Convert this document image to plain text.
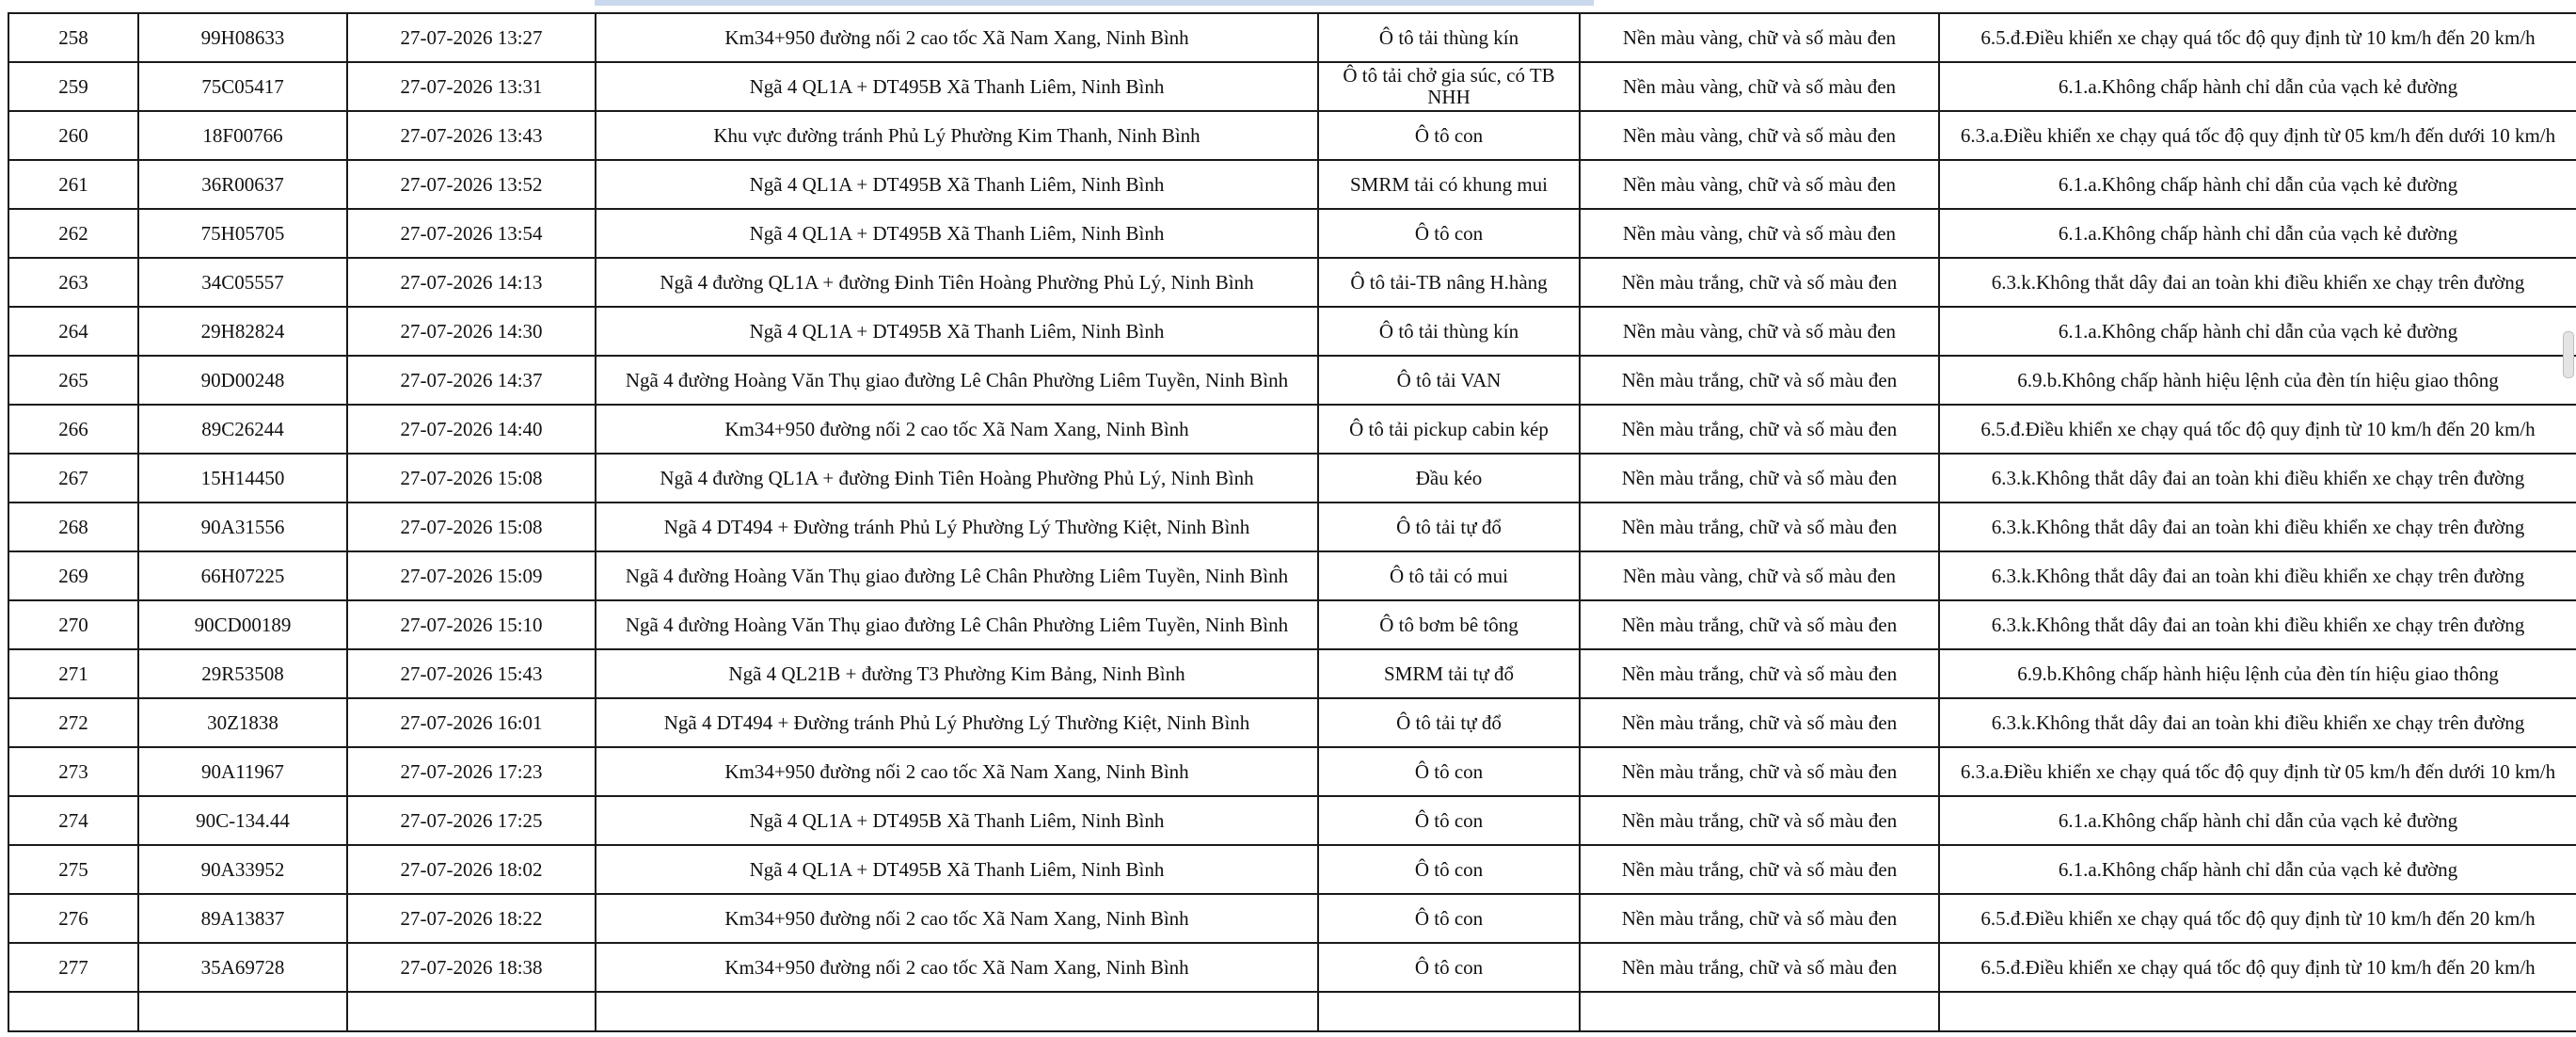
258	99H08633	27-07-2026 13:27	Km34+950 đường nối 2 cao tốc Xã Nam Xang, Ninh Bình	Ô tô tải thùng kín	Nền màu vàng, chữ và số màu đen	6.5.đ.Điều khiển xe chạy quá tốc độ quy định từ 10 km/h đến 20 km/h
259	75C05417	27-07-2026 13:31	Ngã 4 QL1A + DT495B Xã Thanh Liêm, Ninh Bình	Ô tô tải chở gia súc, có TB NHH	Nền màu vàng, chữ và số màu đen	6.1.a.Không chấp hành chỉ dẫn của vạch kẻ đường
260	18F00766	27-07-2026 13:43	Khu vực đường tránh Phủ Lý Phường Kim Thanh, Ninh Bình	Ô tô con	Nền màu vàng, chữ và số màu đen	6.3.a.Điều khiển xe chạy quá tốc độ quy định từ 05 km/h đến dưới 10 km/h
261	36R00637	27-07-2026 13:52	Ngã 4 QL1A + DT495B Xã Thanh Liêm, Ninh Bình	SMRM tải có khung mui	Nền màu vàng, chữ và số màu đen	6.1.a.Không chấp hành chỉ dẫn của vạch kẻ đường
262	75H05705	27-07-2026 13:54	Ngã 4 QL1A + DT495B Xã Thanh Liêm, Ninh Bình	Ô tô con	Nền màu vàng, chữ và số màu đen	6.1.a.Không chấp hành chỉ dẫn của vạch kẻ đường
263	34C05557	27-07-2026 14:13	Ngã 4 đường QL1A + đường Đinh Tiên Hoàng Phường Phủ Lý, Ninh Bình	Ô tô tải-TB nâng H.hàng	Nền màu trắng, chữ và số màu đen	6.3.k.Không thắt dây đai an toàn khi điều khiển xe chạy trên đường
264	29H82824	27-07-2026 14:30	Ngã 4 QL1A + DT495B Xã Thanh Liêm, Ninh Bình	Ô tô tải thùng kín	Nền màu vàng, chữ và số màu đen	6.1.a.Không chấp hành chỉ dẫn của vạch kẻ đường
265	90D00248	27-07-2026 14:37	Ngã 4 đường Hoàng Văn Thụ giao đường Lê Chân Phường Liêm Tuyền, Ninh Bình	Ô tô tải VAN	Nền màu trắng, chữ và số màu đen	6.9.b.Không chấp hành hiệu lệnh của đèn tín hiệu giao thông
266	89C26244	27-07-2026 14:40	Km34+950 đường nối 2 cao tốc Xã Nam Xang, Ninh Bình	Ô tô tải pickup cabin kép	Nền màu trắng, chữ và số màu đen	6.5.đ.Điều khiển xe chạy quá tốc độ quy định từ 10 km/h đến 20 km/h
267	15H14450	27-07-2026 15:08	Ngã 4 đường QL1A + đường Đinh Tiên Hoàng Phường Phủ Lý, Ninh Bình	Đầu kéo	Nền màu trắng, chữ và số màu đen	6.3.k.Không thắt dây đai an toàn khi điều khiển xe chạy trên đường
268	90A31556	27-07-2026 15:08	Ngã 4 DT494 + Đường tránh Phủ Lý Phường Lý Thường Kiệt, Ninh Bình	Ô tô tải tự đổ	Nền màu trắng, chữ và số màu đen	6.3.k.Không thắt dây đai an toàn khi điều khiển xe chạy trên đường
269	66H07225	27-07-2026 15:09	Ngã 4 đường Hoàng Văn Thụ giao đường Lê Chân Phường Liêm Tuyền, Ninh Bình	Ô tô tải có mui	Nền màu vàng, chữ và số màu đen	6.3.k.Không thắt dây đai an toàn khi điều khiển xe chạy trên đường
270	90CD00189	27-07-2026 15:10	Ngã 4 đường Hoàng Văn Thụ giao đường Lê Chân Phường Liêm Tuyền, Ninh Bình	Ô tô bơm bê tông	Nền màu trắng, chữ và số màu đen	6.3.k.Không thắt dây đai an toàn khi điều khiển xe chạy trên đường
271	29R53508	27-07-2026 15:43	Ngã 4 QL21B + đường T3 Phường Kim Bảng, Ninh Bình	SMRM tải tự đổ	Nền màu trắng, chữ và số màu đen	6.9.b.Không chấp hành hiệu lệnh của đèn tín hiệu giao thông
272	30Z1838	27-07-2026 16:01	Ngã 4 DT494 + Đường tránh Phủ Lý Phường Lý Thường Kiệt, Ninh Bình	Ô tô tải tự đổ	Nền màu trắng, chữ và số màu đen	6.3.k.Không thắt dây đai an toàn khi điều khiển xe chạy trên đường
273	90A11967	27-07-2026 17:23	Km34+950 đường nối 2 cao tốc Xã Nam Xang, Ninh Bình	Ô tô con	Nền màu trắng, chữ và số màu đen	6.3.a.Điều khiển xe chạy quá tốc độ quy định từ 05 km/h đến dưới 10 km/h
274	90C-134.44	27-07-2026 17:25	Ngã 4 QL1A + DT495B Xã Thanh Liêm, Ninh Bình	Ô tô con	Nền màu trắng, chữ và số màu đen	6.1.a.Không chấp hành chỉ dẫn của vạch kẻ đường
275	90A33952	27-07-2026 18:02	Ngã 4 QL1A + DT495B Xã Thanh Liêm, Ninh Bình	Ô tô con	Nền màu trắng, chữ và số màu đen	6.1.a.Không chấp hành chỉ dẫn của vạch kẻ đường
276	89A13837	27-07-2026 18:22	Km34+950 đường nối 2 cao tốc Xã Nam Xang, Ninh Bình	Ô tô con	Nền màu trắng, chữ và số màu đen	6.5.đ.Điều khiển xe chạy quá tốc độ quy định từ 10 km/h đến 20 km/h
277	35A69728	27-07-2026 18:38	Km34+950 đường nối 2 cao tốc Xã Nam Xang, Ninh Bình	Ô tô con	Nền màu trắng, chữ và số màu đen	6.5.đ.Điều khiển xe chạy quá tốc độ quy định từ 10 km/h đến 20 km/h
